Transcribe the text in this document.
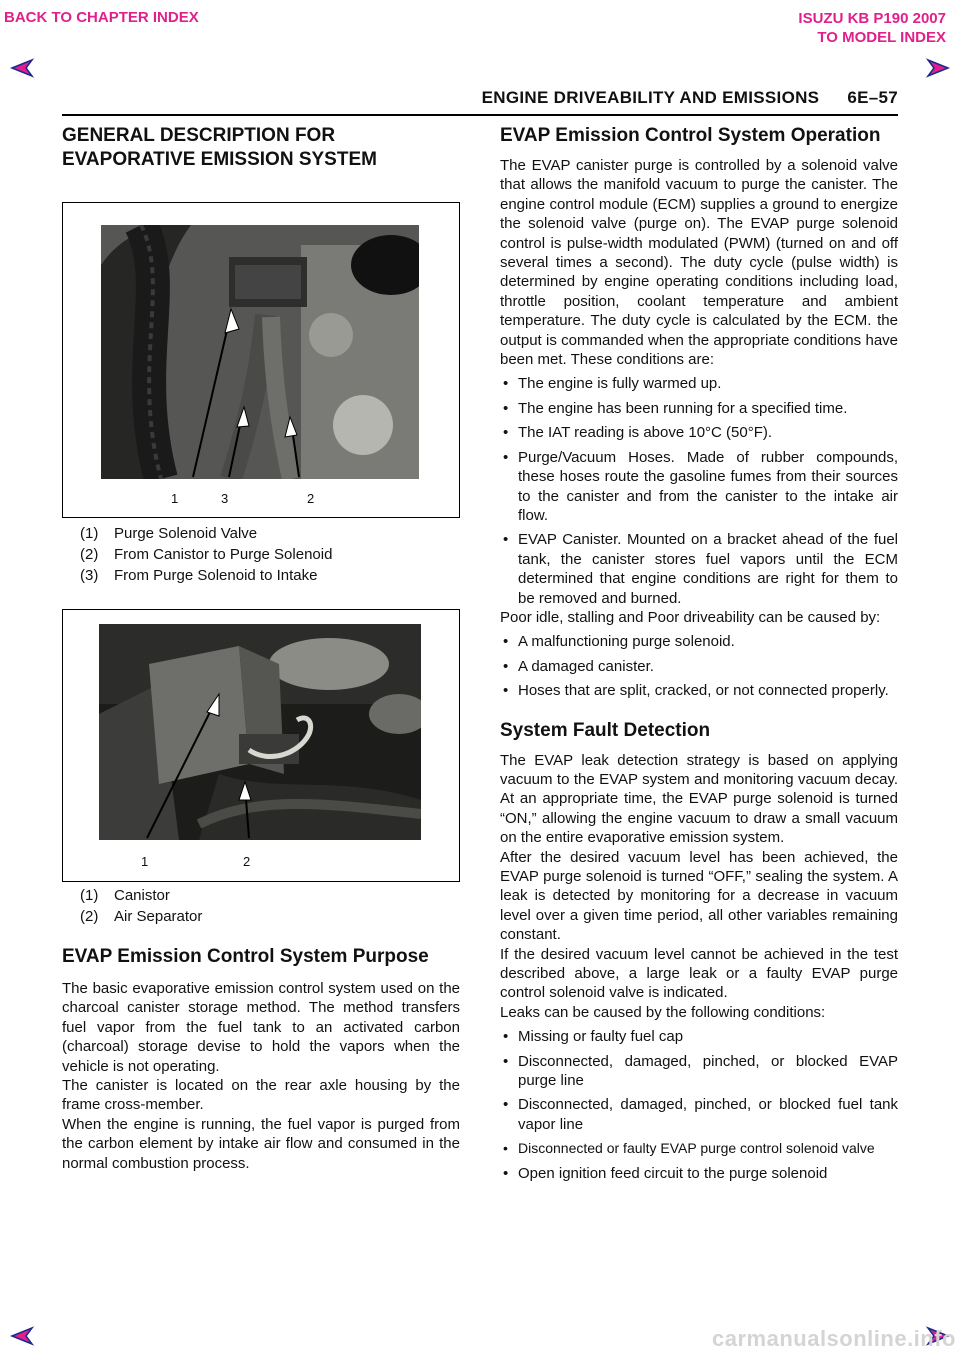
BACK TO CHAPTER INDEX	ISUZU KB P190 2007
TO MODEL INDEX
ENGINE DRIVEABILITY AND EMISSIONS 6E–57
GENERAL DESCRIPTION FOR EVAPORATIVE EMISSION SYSTEM
1	3	2
(1)	Purge Solenoid Valve
(2)	From Canistor to Purge Solenoid
(3)	From Purge Solenoid to Intake
1	2
(1)	Canistor
(2)	Air Separator
EVAP Emission Control System Purpose

The basic evaporative emission control system used on the charcoal canister storage method. The method transfers fuel vapor from the fuel tank to an activated carbon (charcoal) storage devise to hold the vapors when the vehicle is not operating.

The canister is located on the rear axle housing by the frame cross-member.

When the engine is running, the fuel vapor is purged from the carbon element by intake air flow and consumed in the normal combustion process.

EVAP Emission Control System Operation

The EVAP canister purge is controlled by a solenoid valve that allows the manifold vacuum to purge the canister. The engine control module (ECM) supplies a ground to energize the solenoid valve (purge on). The EVAP purge solenoid control is pulse-width modulated (PWM) (turned on and off several times a second). The duty cycle (pulse width) is determined by engine operating conditions including load, throttle position, coolant temperature and ambient temperature. The duty cycle is calculated by the ECM. the output is commanded when the appropriate conditions have been met. These conditions are:

• The engine is fully warmed up.
• The engine has been running for a specified time.
• The IAT reading is above 10°C (50°F).
• Purge/Vacuum Hoses. Made of rubber compounds, these hoses route the gasoline fumes from their sources to the canister and from the canister to the intake air flow.
• EVAP Canister. Mounted on a bracket ahead of the fuel tank, the canister stores fuel vapors until the ECM determined that engine conditions are right for them to be removed and burned.

Poor idle, stalling and Poor driveability can be caused by:

• A malfunctioning purge solenoid.
• A damaged canister.
• Hoses that are split, cracked, or not connected properly.
System Fault Detection

The EVAP leak detection strategy is based on applying vacuum to the EVAP system and monitoring vacuum decay. At an appropriate time, the EVAP purge solenoid is turned “ON,” allowing the engine vacuum to draw a small vacuum on the entire evaporative emission system.

After the desired vacuum level has been achieved, the EVAP purge solenoid is turned “OFF,” sealing the system. A leak is detected by monitoring for a decrease in vacuum level over a given time period, all other variables remaining constant.

If the desired vacuum level cannot be achieved in the test described above, a large leak or a faulty EVAP purge control solenoid valve is indicated.

Leaks can be caused by the following conditions:

• Missing or faulty fuel cap
• Disconnected, damaged, pinched, or blocked EVAP purge line
• Disconnected, damaged, pinched, or blocked fuel tank vapor line
• Disconnected or faulty EVAP purge control solenoid valve
• Open ignition feed circuit to the purge solenoid
carmanualsonline.info
